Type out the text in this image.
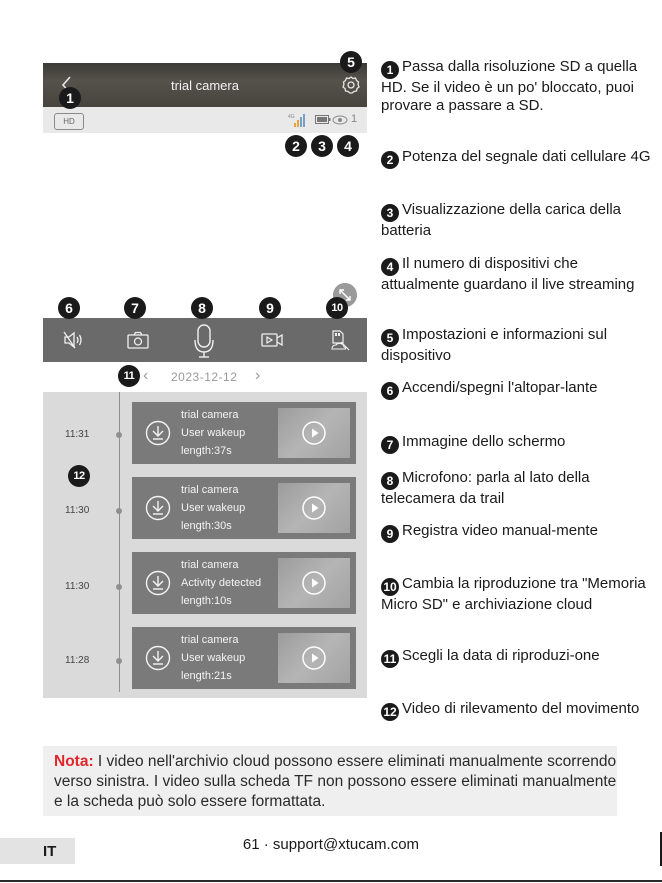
trial camera
HD	4G	1
‹ 2023-12-12 ›
11:31
trial camera
User wakeup
length:37s
11:30
trial camera
User wakeup
length:30s
11:30
trial camera
Activity detected
length:10s
11:28
trial camera
User wakeup
length:21s
1
2	3	4
5
6	7	8	9	10
11
12
1 Passa dalla risoluzione SD a quella HD. Se il video è un po' bloccato, puoi provare a passare a SD.
2 Potenza del segnale dati cellulare 4G
3 Visualizzazione della carica della batteria
4 Il numero di dispositivi che attualmente guardano il live streaming
5 Impostazioni e informazioni sul dispositivo
6 Accendi/spegni l'altopar-lante
7 Immagine dello schermo
8 Microfono: parla al lato della telecamera da trail
9 Registra video manual-mente
10 Cambia la riproduzione tra "Memoria Micro SD" e archiviazione cloud
11 Scegli la data di riproduzi-one
12 Video di rilevamento del movimento
Nota: I video nell'archivio cloud possono essere eliminati manualmente scorrendo verso sinistra. I video sulla scheda TF non possono essere eliminati manualmente e la scheda può solo essere formattata.
IT	61 · support@xtucam.com
